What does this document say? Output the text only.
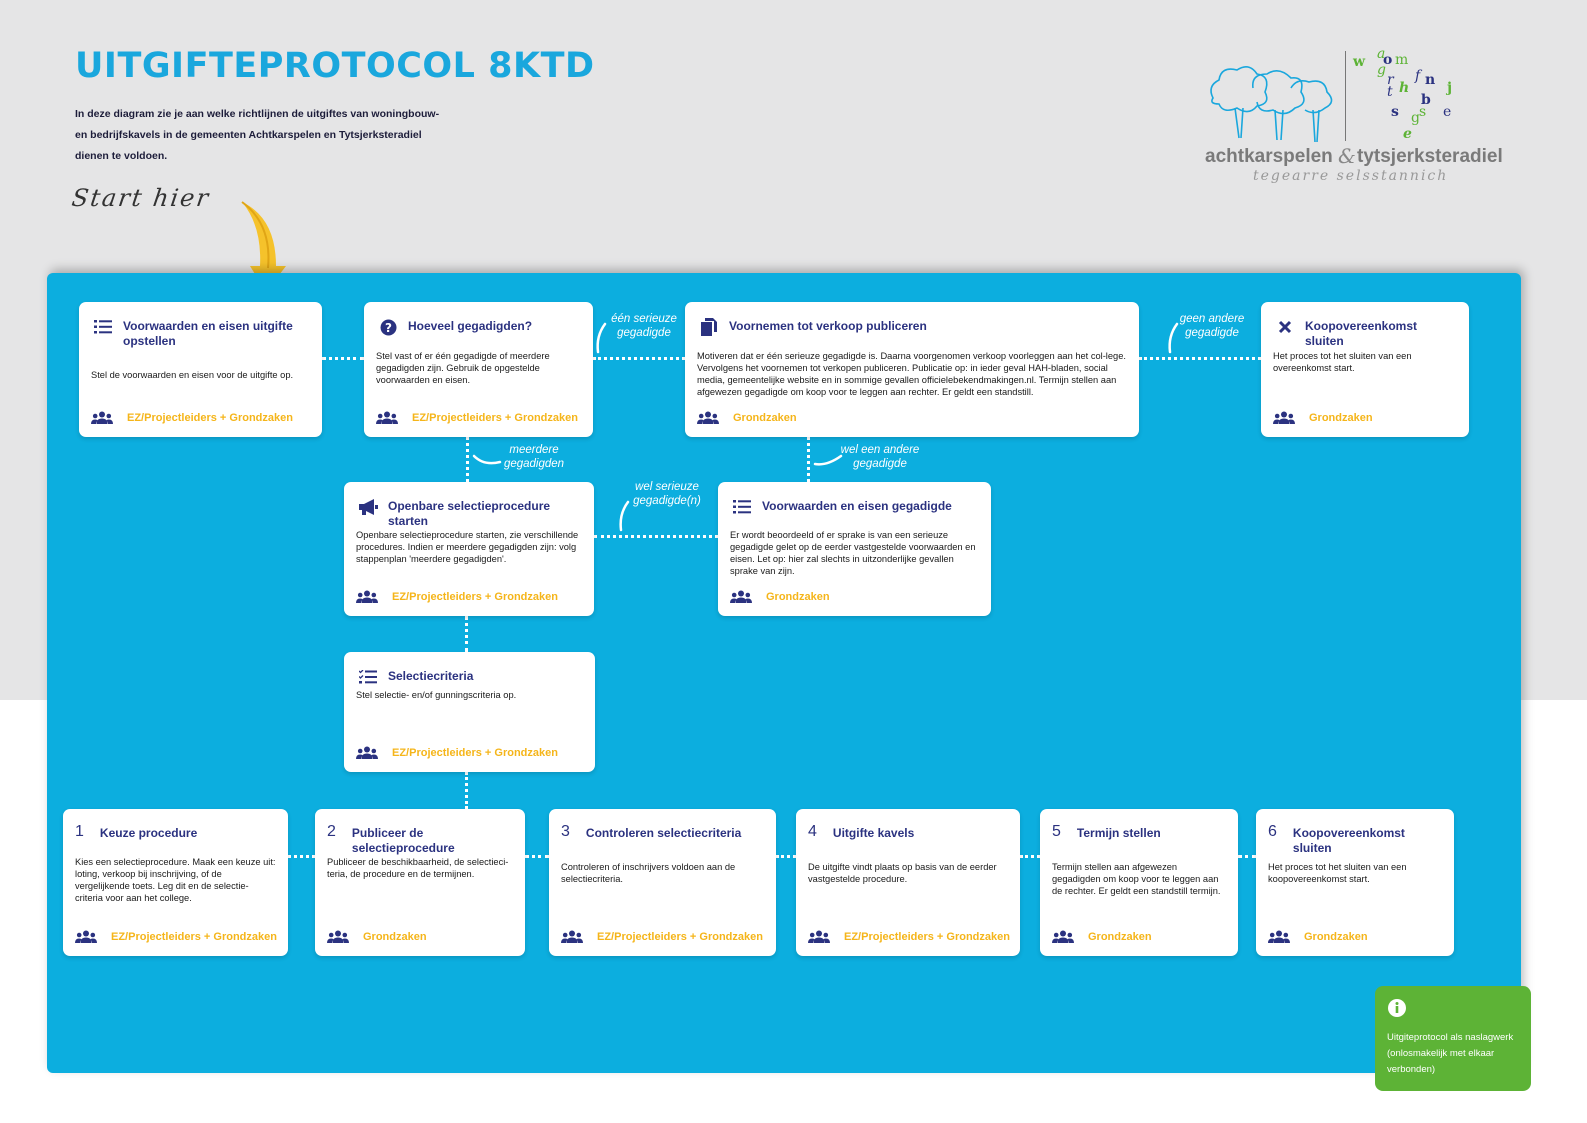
UITGIFTEPROTOCOL 8KTD
In deze diagram zie je aan welke richtlijnen de uitgiftes van woningbouw-en bedrijfskavels in de gemeenten Achtkarspelen en Tytsjerksteradiel dienen te voldoen.
Start hier
w a
o m
g
r f n j
h
t b
s	e
s
g
e
achtkarspelen & tytsjerksteradiel
tegearre selsstannich
één serieuze gegadigde
geen andere gegadigde
meerdere gegadigden
wel een andere gegadigde
wel serieuze gegadigde(n)
Voorwaarden en eisen uitgifte opstellen
Stel de voorwaarden en eisen voor de uitgifte op.
EZ/Projectleiders + Grondzaken
? Hoeveel gegadigden?
Stel vast of er één gegadigde of meerdere gegadigden zijn. Gebruik de opgestelde voorwaarden en eisen.
EZ/Projectleiders + Grondzaken
Voornemen tot verkoop publiceren
Motiveren dat er één serieuze gegadigde is. Daarna voorgenomen verkoop voorleggen aan het col-lege. Vervolgens het voornemen tot verkopen publiceren. Publicatie op: in ieder geval HAH-bladen, social media, gemeentelijke website en in sommige gevallen officielebekendmakingen.nl. Termijn stellen aan afgewezen gegadigde om koop voor te leggen aan rechter. Er geldt een standstill.
Grondzaken
Koopovereenkomst sluiten
Het proces tot het sluiten van een overeenkomst start.
Grondzaken
Openbare selectieprocedure starten
Openbare selectieprocedure starten, zie verschillende procedures. Indien er meerdere gegadigden zijn: volg stappenplan 'meerdere gegadigden'.
EZ/Projectleiders + Grondzaken
Voorwaarden en eisen gegadigde
Er wordt beoordeeld of er sprake is van een serieuze gegadigde gelet op de eerder vastgestelde voorwaarden en eisen. Let op: hier zal slechts in uitzonderlijke gevallen sprake van zijn.
Grondzaken
Selectiecriteria
Stel selectie- en/of gunningscriteria op.
EZ/Projectleiders + Grondzaken
1 Keuze procedure
Kies een selectieprocedure. Maak een keuze uit: loting, verkoop bij inschrijving, of de vergelijkende toets. Leg dit en de selectie-criteria voor aan het college.
EZ/Projectleiders + Grondzaken
2 Publiceer de selectieprocedure
Publiceer de beschikbaarheid, de selectieci-teria, de procedure en de termijnen.
Grondzaken
3 Controleren selectiecriteria
Controleren of inschrijvers voldoen aan de selectiecriteria.
EZ/Projectleiders + Grondzaken
4 Uitgifte kavels
De uitgifte vindt plaats op basis van de eerder vastgestelde procedure.
EZ/Projectleiders + Grondzaken
5 Termijn stellen
Termijn stellen aan afgewezen gegadigden om koop voor te leggen aan de rechter. Er geldt een standstill termijn.
Grondzaken
6 Koopovereenkomst sluiten
Het proces tot het sluiten van een koopovereenkomst start.
Grondzaken
Uitgiteprotocol als naslagwerk (onlosmakelijk met elkaar verbonden)
